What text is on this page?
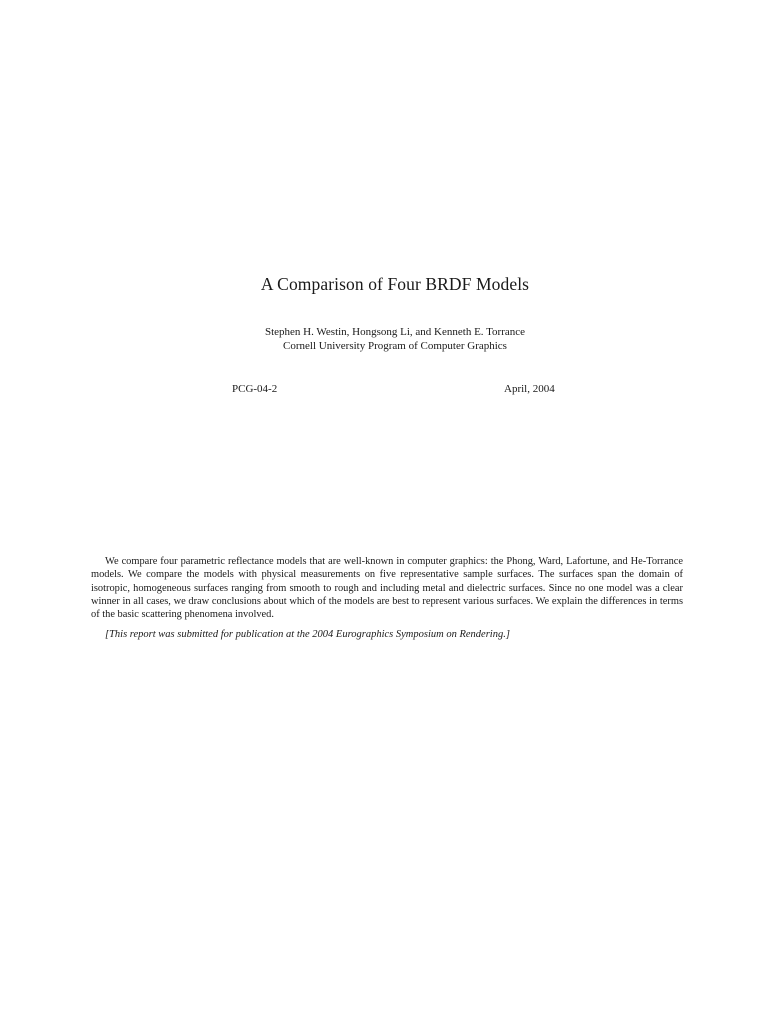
A Comparison of Four BRDF Models
Stephen H. Westin, Hongsong Li, and Kenneth E. Torrance
Cornell University Program of Computer Graphics
PCG-04-2	April, 2004

We compare four parametric reflectance models that are well-known in computer graphics: the Phong, Ward, Lafortune, and He-Torrance models. We compare the models with physical measurements on five representative sample surfaces. The surfaces span the domain of isotropic, homogeneous surfaces ranging from smooth to rough and including metal and dielectric surfaces. Since no one model was a clear winner in all cases, we draw conclusions about which of the models are best to represent various surfaces. We explain the differences in terms of the basic scattering phenomena involved.

[This report was submitted for publication at the 2004 Eurographics Symposium on Rendering.]
